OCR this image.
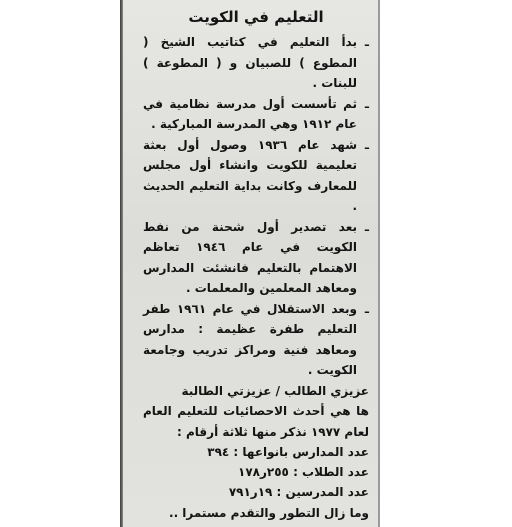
التعليم في الكويت

ـ
بدأ التعليم في كتاتيب الشيخ ( المطوع ) للصبيان و ( المطوعة ) للبنات .

ـ
ثم تأسست أول مدرسة نظامية في عام ١٩١٢ وهي المدرسة المباركية .

ـ
شهد عام ١٩٣٦ وصول أول بعثة تعليمية للكويت وانشاء أول مجلس للمعارف وكانت بداية التعليم الحديث .

ـ
بعد تصدير أول شحنة من نفط الكويت في عام ١٩٤٦ تعاظم الاهتمام بالتعليم فانشئت المدارس ومعاهد المعلمين والمعلمات .

ـ
وبعد الاستقلال في عام ١٩٦١ طفر التعليم طفرة عظيمة : مدارس ومعاهد فنية ومراكز تدريب وجامعة الكويت .

عزيزي الطالب / عزيزتي الطالبة

ها هي أحدث الاحصائيات للتعليم العام لعام ١٩٧٧ نذكر منها ثلاثة أرقام :

عدد المدارس بانواعها : ٣٩٤

عدد الطلاب : ٢٥٥ر١٧٨

عدد المدرسين : ١٩ر٧٩١

وما زال التطور والتقدم مستمرا ..
